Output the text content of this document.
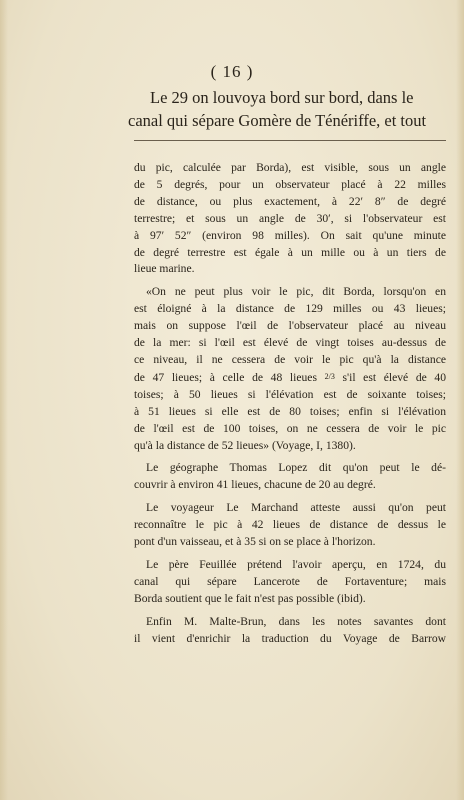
( 16 )
Le 29 on louvoya bord sur bord, dans le
canal qui sépare Gomère de Ténériffe, et tout

du pic, calculée par Borda), est visible, sous un angle
de 5 degrés, pour un observateur placé à 22 milles
de distance, ou plus exactement, à 22′ 8″ de degré
terrestre; et sous un angle de 30′, si l'observateur est
à 97′ 52″ (environ 98 milles). On sait qu'une minute
de degré terrestre est égale à un mille ou à un tiers de
lieue marine.

«On ne peut plus voir le pic, dit Borda, lorsqu'on en
est éloigné à la distance de 129 milles ou 43 lieues;
mais on suppose l'œil de l'observateur placé au niveau
de la mer: si l'œil est élevé de vingt toises au-dessus de
ce niveau, il ne cessera de voir le pic qu'à la distance
de 47 lieues; à celle de 48 lieues 2/3 s'il est élevé de 40
toises; à 50 lieues si l'élévation est de soixante toises;
à 51 lieues si elle est de 80 toises; enfin si l'élévation
de l'œil est de 100 toises, on ne cessera de voir le pic
qu'à la distance de 52 lieues» (Voyage, I, 1380).

Le géographe Thomas Lopez dit qu'on peut le dé-
couvrir à environ 41 lieues, chacune de 20 au degré.

Le voyageur Le Marchand atteste aussi qu'on peut
reconnaître le pic à 42 lieues de distance de dessus le
pont d'un vaisseau, et à 35 si on se place à l'horizon.

Le père Feuillée prétend l'avoir aperçu, en 1724, du
canal qui sépare Lancerote de Fortaventure; mais
Borda soutient que le fait n'est pas possible (ibid).

Enfin M. Malte-Brun, dans les notes savantes dont
il vient d'enrichir la traduction du Voyage de Barrow
